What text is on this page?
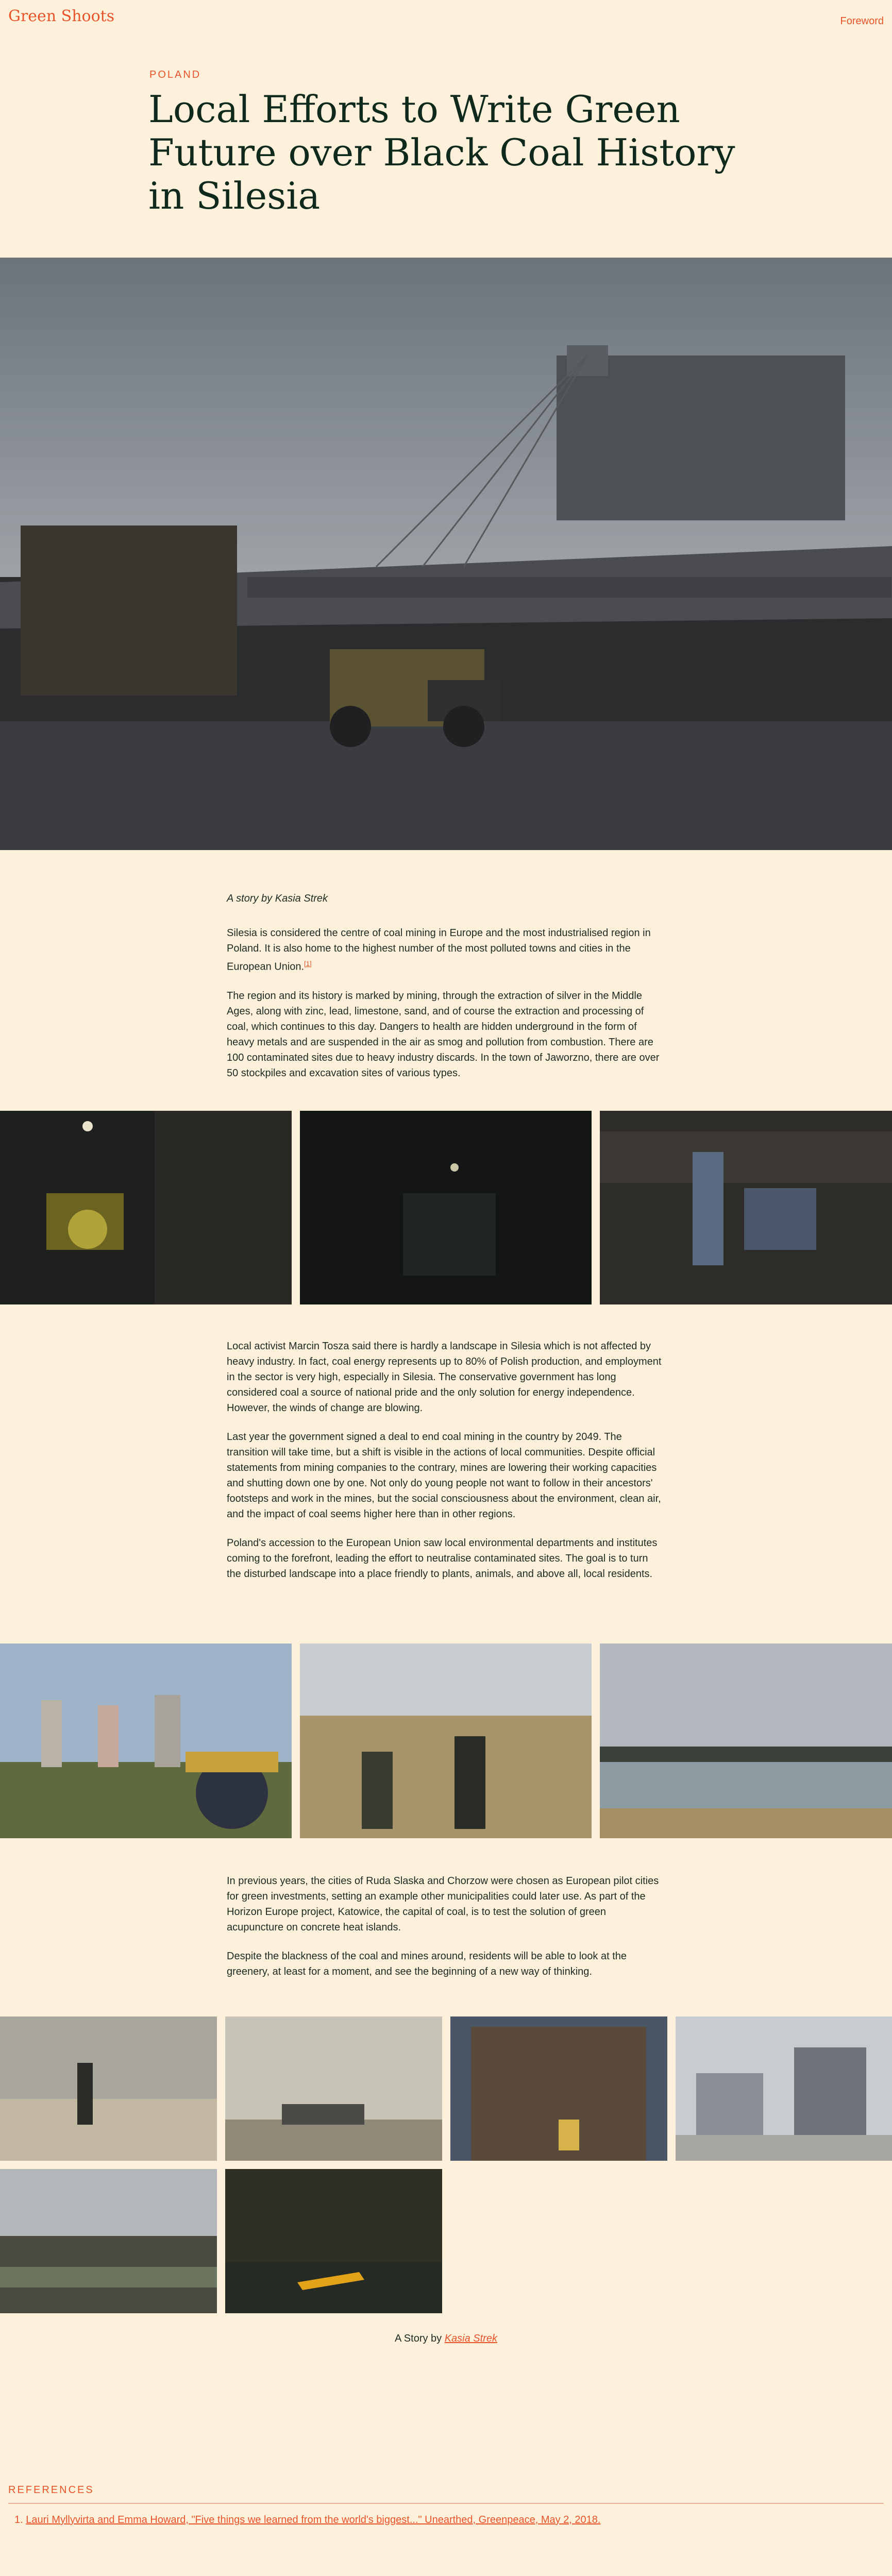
Green Shoots	Foreword
POLAND
Local Efforts to Write Green Future over Black Coal History in Silesia
A story by Kasia Strek

Silesia is considered the centre of coal mining in Europe and the most industrialised region in Poland. It is also home to the highest number of the most polluted towns and cities in the European Union.[1]

The region and its history is marked by mining, through the extraction of silver in the Middle Ages, along with zinc, lead, limestone, sand, and of course the extraction and processing of coal, which continues to this day. Dangers to health are hidden underground in the form of heavy metals and are suspended in the air as smog and pollution from combustion. There are 100 contaminated sites due to heavy industry discards. In the town of Jaworzno, there are over 50 stockpiles and excavation sites of various types.

Local activist Marcin Tosza said there is hardly a landscape in Silesia which is not affected by heavy industry. In fact, coal energy represents up to 80% of Polish production, and employment in the sector is very high, especially in Silesia. The conservative government has long considered coal a source of national pride and the only solution for energy independence. However, the winds of change are blowing.

Last year the government signed a deal to end coal mining in the country by 2049. The transition will take time, but a shift is visible in the actions of local communities. Despite official statements from mining companies to the contrary, mines are lowering their working capacities and shutting down one by one. Not only do young people not want to follow in their ancestors' footsteps and work in the mines, but the social consciousness about the environment, clean air, and the impact of coal seems higher here than in other regions.

Poland's accession to the European Union saw local environmental departments and institutes coming to the forefront, leading the effort to neutralise contaminated sites. The goal is to turn the disturbed landscape into a place friendly to plants, animals, and above all, local residents.

In previous years, the cities of Ruda Slaska and Chorzow were chosen as European pilot cities for green investments, setting an example other municipalities could later use. As part of the Horizon Europe project, Katowice, the capital of coal, is to test the solution of green acupuncture on concrete heat islands.

Despite the blackness of the coal and mines around, residents will be able to look at the greenery, at least for a moment, and see the beginning of a new way of thinking.

A Story by Kasia Strek
REFERENCES
1. Lauri Myllyvirta and Emma Howard, "Five things we learned from the world's biggest..." Unearthed, Greenpeace, May 2, 2018.
